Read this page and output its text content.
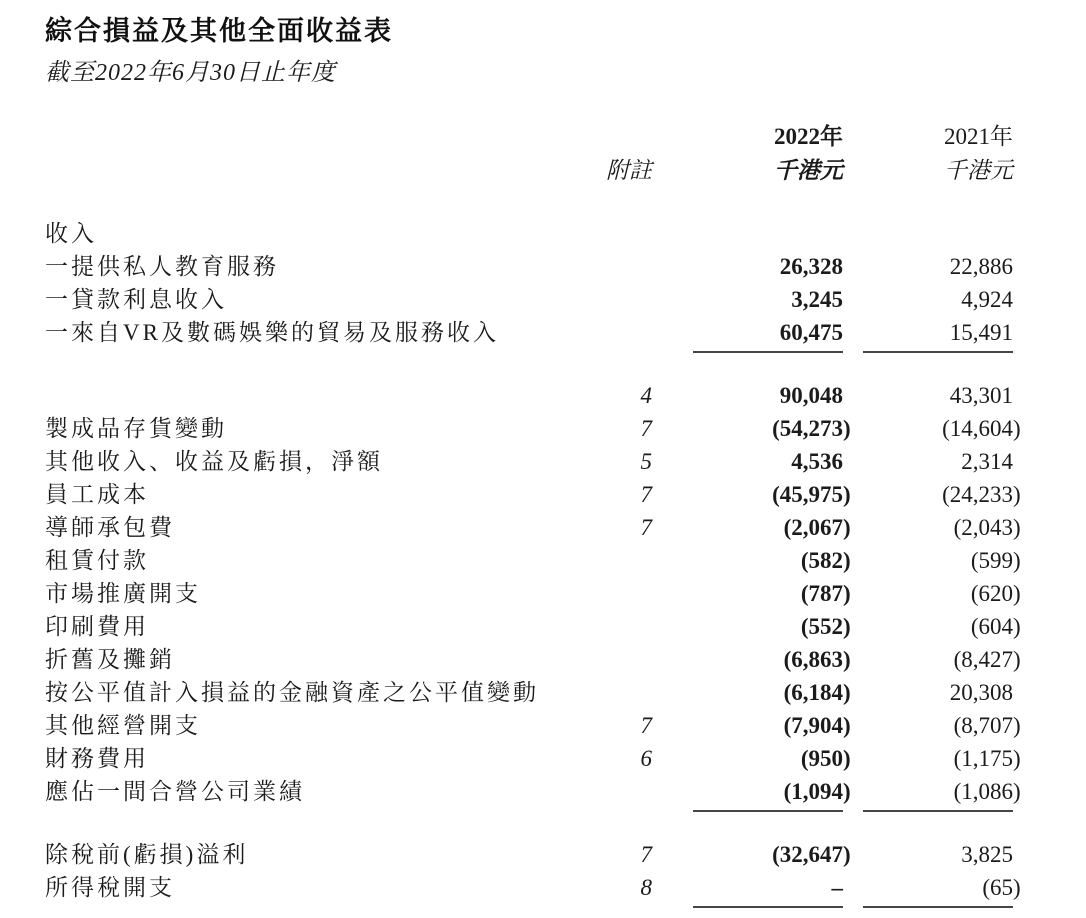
綜合損益及其他全面收益表
截至2022年6月30日止年度
		2022年	2021年
	附註	千港元	千港元

收入			
一提供私人教育服務		26,328	22,886
一貸款利息收入		3,245	4,924
一來自VR及數碼娛樂的貿易及服務收入		60,475	15,491

	4	90,048	43,301
製成品存貨變動	7	(54,273)	(14,604)
其他收入、收益及虧損，淨額	5	4,536	2,314
員工成本	7	(45,975)	(24,233)
導師承包費	7	(2,067)	(2,043)
租賃付款		(582)	(599)
市場推廣開支		(787)	(620)
印刷費用		(552)	(604)
折舊及攤銷		(6,863)	(8,427)
按公平值計入損益的金融資產之公平值變動		(6,184)	20,308
其他經營開支	7	(7,904)	(8,707)
財務費用	6	(950)	(1,175)
應佔一間合營公司業績		(1,094)	(1,086)

除稅前(虧損)溢利	7	(32,647)	3,825
所得稅開支	8	–	(65)
